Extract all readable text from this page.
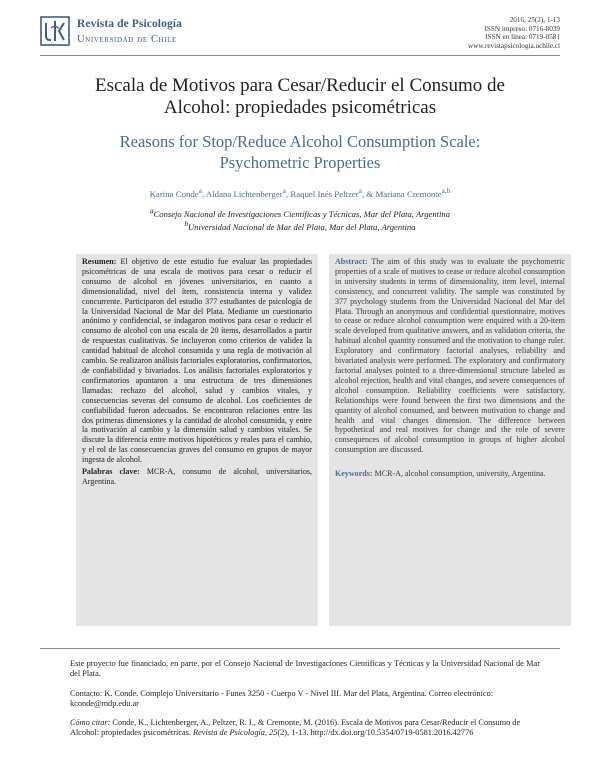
Revista de Psicología
Universidad de Chile
2016, 25(2), 1-13
ISSN impreso: 0716-8039
ISSN en línea: 0719-0581
www.revistapsicologia.uchile.cl
Escala de Motivos para Cesar/Reducir el Consumo de
Alcohol: propiedades psicométricas
Reasons for Stop/Reduce Alcohol Consumption Scale:
Psychometric Properties
Karina Conde$^a$, Aldana Lichtenberger$^a$, Raquel Inés Peltzer$^a$, & Mariana Cremonte$^{a,b}$
$^a$Consejo Nacional de Investigaciones Científicas y Técnicas, Mar del Plata, Argentina
$^b$Universidad Nacional de Mar del Plata, Mar del Plata, Argentina
Resumen: El objetivo de este estudio fue evaluar las propiedades psicométricas de una escala de motivos para cesar o reducir el consumo de alcohol en jóvenes universitarios, en cuanto a dimensionalidad, nivel del ítem, consistencia interna y validez concurrente. Participaron del estudio 377 estudiantes de psicología de la Universidad Nacional de Mar del Plata. Mediante un cuestionario anónimo y confidencial, se indagaron motivos para cesar o reducir el consumo de alcohol con una escala de 20 ítems, desarrollados a partir de respuestas cualitativas. Se incluyeron como criterios de validez la cantidad habitual de alcohol consumida y una regla de motivación al cambio. Se realizaron análisis factoriales exploratorios, confirmatorios, de confiabilidad y bivariados. Los análisis factoriales exploratorios y confirmatorios apuntaron a una estructura de tres dimensiones llamadas: rechazo del alcohol, salud y cambios vitales, y consecuencias severas del consumo de alcohol. Los coeficientes de confiabilidad fueron adecuados. Se encontraron relaciones entre las dos primeras dimensiones y la cantidad de alcohol consumida, y entre la motivación al cambio y la dimensión salud y cambios vitales. Se discute la diferencia entre motivos hipotéticos y reales para el cambio, y el rol de las consecuencias graves del consumo en grupos de mayor ingesta de alcohol.
Palabras clave: MCR-A, consumo de alcohol, universitarios, Argentina.
Abstract: The aim of this study was to evaluate the psychometric properties of a scale of motives to cease or reduce alcohol consumption in university students in terms of dimensionality, item level, internal consistency, and concurrent validity. The sample was constituted by 377 psychology students from the Universidad Nacional del Mar del Plata. Through an anonymous and confidential questionnaire, motives to cease or reduce alcohol consumption were enquired with a 20-item scale developed from qualitative answers, and as validation criteria, the habitual alcohol quantity consumed and the motivation to change ruler. Exploratory and confirmatory factorial analyses, reliability and bivariated analysis were performed. The exploratory and confirmatory factorial analyses pointed to a three-dimensional structure labeled as alcohol rejection, health and vital changes, and severe consequences of alcohol consumption. Reliability coefficients were satisfactory. Relationships were found between the first two dimensions and the quantity of alcohol consumed, and between motivation to change and health and vital changes dimension. The difference between hypothetical and real motives for change and the role of severe consequences of alcohol consumption in groups of higher alcohol consumption are discussed.
Keywords: MCR-A, alcohol consumption, university, Argentina.
Este proyecto fue financiado, en parte, por el Consejo Nacional de Investigaciones Científicas y Técnicas y la Universidad Nacional de Mar del Plata.
Contacto: K. Conde. Complejo Universitario - Funes 3250 - Cuerpo V - Nivel III. Mar del Plata, Argentina. Correo electrónico: kconde@mdp.edu.ar
Cómo citar: Conde, K., Lichtenberger, A., Peltzer, R. I., & Cremonte, M. (2016). Escala de Motivos para Cesar/Reducir el Consumo de Alcohol: propiedades psicométricas. Revista de Psicología, 25(2), 1-13. http://dx.doi.org/10.5354/0719-0581.2016.42776
